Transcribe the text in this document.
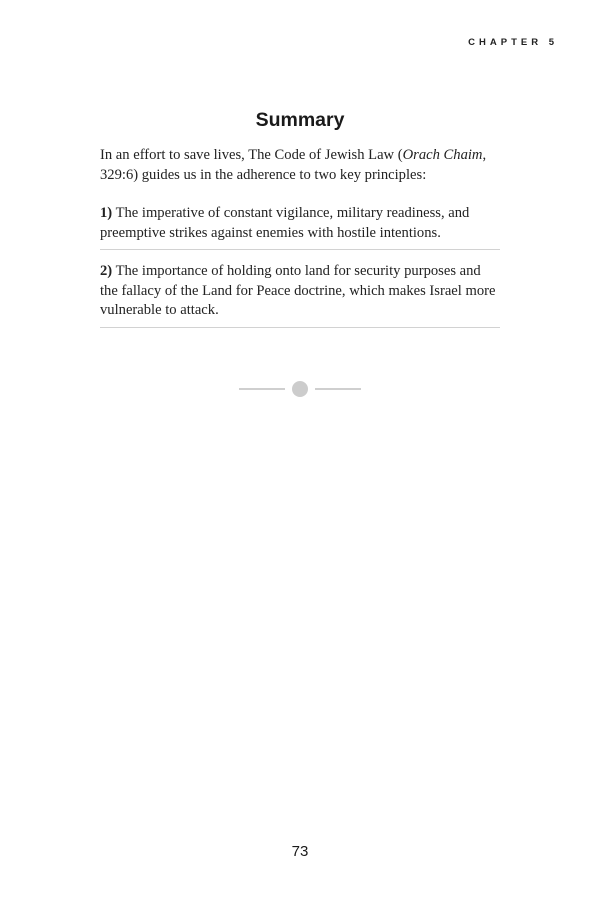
CHAPTER 5
Summary

In an effort to save lives, The Code of Jewish Law (Orach Chaim, 329:6) guides us in the adherence to two key principles:

1) The imperative of constant vigilance, military readiness, and preemptive strikes against enemies with hostile intentions.

2) The importance of holding onto land for security purposes and the fallacy of the Land for Peace doctrine, which makes Israel more vulnerable to attack.

73
